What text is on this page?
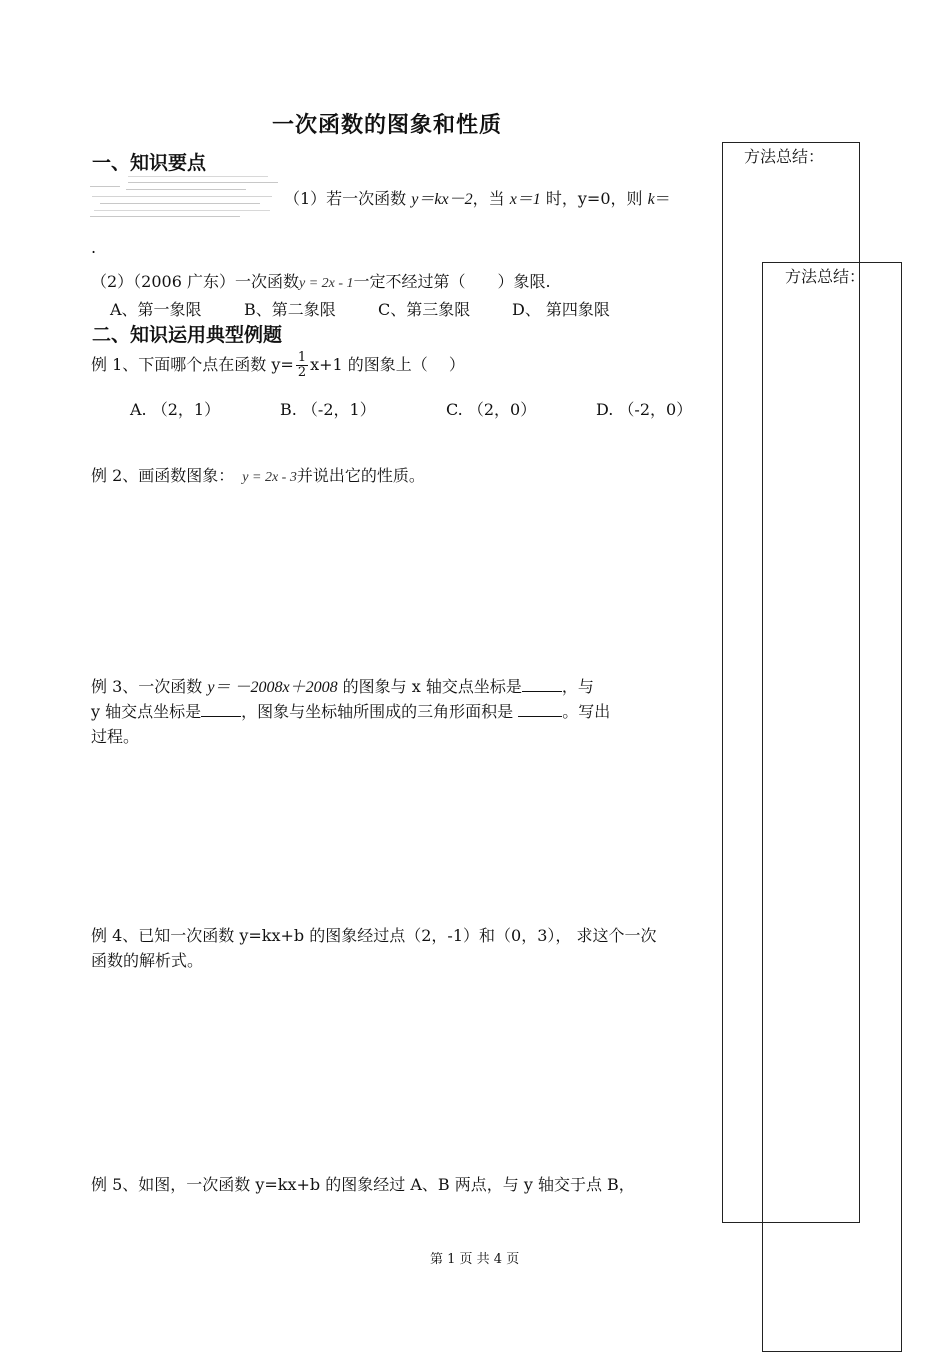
一次函数的图象和性质
一、知识要点
（1）若一次函数 y＝kx－2，当 x＝1 时，y=0，则 k＝
.
（2）（2006 广东）一次函数y = 2x - 1一定不经过第（　　）象限.
A、第一象限	B、第二象限	C、第三象限	D、 第四象限
二、知识运用典型例题
例 1、下面哪个点在函数 $y= \frac{1}{2} x+1$ 的图象上（　 ）
A. （2，1）	B. （-2，1）	C. （2，0）	D. （-2，0）
例 2、画函数图象： y = 2x - 3并说出它的性质。
例 3、一次函数 y＝ －2008x＋2008 的图象与 x 轴交点坐标是	，与
y 轴交点坐标是	，图象与坐标轴所围成的三角形面积是	。写出
过程。
例 4、已知一次函数 y=kx+b 的图象经过点（2，-1）和（0，3）， 求这个一次
函数的解析式。
例 5、如图，一次函数 y=kx+b 的图象经过 A、B 两点，与 y 轴交于点 B，
方法总结：
方法总结：
第 1 页 共 4 页
